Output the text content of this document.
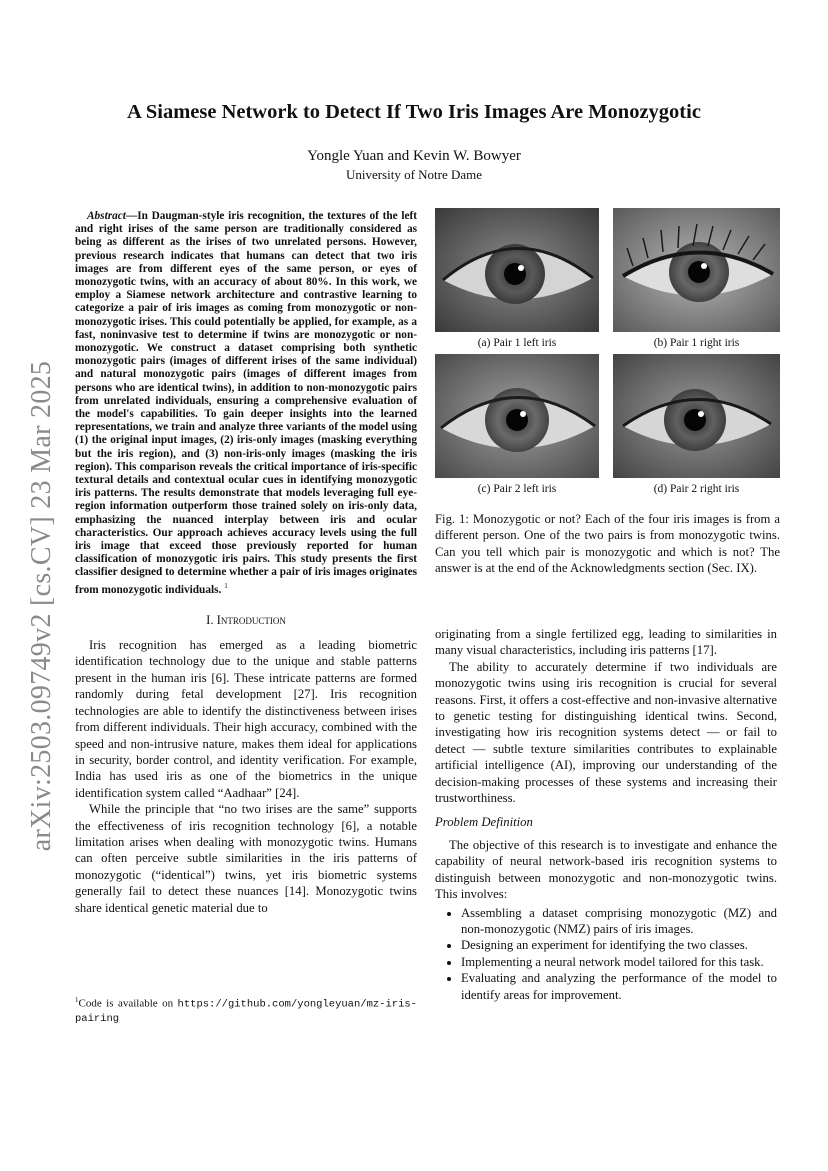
arXiv:2503.09749v2 [cs.CV] 23 Mar 2025
A Siamese Network to Detect If Two Iris Images Are Monozygotic
Yongle Yuan and Kevin W. Bowyer
University of Notre Dame

Abstract—In Daugman-style iris recognition, the textures of the left and right irises of the same person are traditionally considered as being as different as the irises of two unrelated persons. However, previous research indicates that humans can detect that two iris images are from different eyes of the same person, or eyes of monozygotic twins, with an accuracy of about 80%. In this work, we employ a Siamese network architecture and contrastive learning to categorize a pair of iris images as coming from monozygotic or non-monozygotic irises. This could potentially be applied, for example, as a fast, noninvasive test to determine if twins are monozygotic or non-monozygotic. We construct a dataset comprising both synthetic monozygotic pairs (images of different irises of the same individual) and natural monozygotic pairs (images of different images from persons who are identical twins), in addition to non-monozygotic pairs from unrelated individuals, ensuring a comprehensive evaluation of the model's capabilities. To gain deeper insights into the learned representations, we train and analyze three variants of the model using (1) the original input images, (2) iris-only images (masking everything but the iris region), and (3) non-iris-only images (masking the iris region). This comparison reveals the critical importance of iris-specific textural details and contextual ocular cues in identifying monozygotic iris patterns. The results demonstrate that models leveraging full eye-region information outperform those trained solely on iris-only data, emphasizing the nuanced interplay between iris and ocular characteristics. Our approach achieves accuracy levels using the full iris image that exceed those previously reported for human classification of monozygotic iris pairs. This study presents the first classifier designed to determine whether a pair of iris images originates from monozygotic individuals. $^1$

I. Introduction

Iris recognition has emerged as a leading biometric identification technology due to the unique and stable patterns present in the human iris [6]. These intricate patterns are formed randomly during fetal development [27]. Iris recognition technologies are able to identify the distinctiveness between irises from different individuals. Their high accuracy, combined with the speed and non-intrusive nature, makes them ideal for applications in security, border control, and identity verification. For example, India has used iris as one of the biometrics in the unique identification system called “Aadhaar” [24].

While the principle that “no two irises are the same” supports the effectiveness of iris recognition technology [6], a notable limitation arises when dealing with monozygotic twins. Humans can often perceive subtle similarities in the iris patterns of monozygotic (“identical”) twins, yet iris biometric systems generally fail to detect these nuances [14]. Monozygotic twins share identical genetic material due to

$^1$Code is available on https://github.com/yongleyuan/mz-iris-pairing
(a) Pair 1 left iris	(b) Pair 1 right iris
(c) Pair 2 left iris	(d) Pair 2 right iris
Fig. 1: Monozygotic or not? Each of the four iris images is from a different person. One of the two pairs is from monozygotic twins. Can you tell which pair is monozygotic and which is not? The answer is at the end of the Acknowledgments section (Sec. IX).

originating from a single fertilized egg, leading to similarities in many visual characteristics, including iris patterns [17].

The ability to accurately determine if two individuals are monozygotic twins using iris recognition is crucial for several reasons. First, it offers a cost-effective and non-invasive alternative to genetic testing for distinguishing identical twins. Second, investigating how iris recognition systems detect — or fail to detect — subtle texture similarities contributes to explainable artificial intelligence (AI), improving our understanding of the decision-making processes of these systems and increasing their trustworthiness.

Problem Definition

The objective of this research is to investigate and enhance the capability of neural network-based iris recognition systems to distinguish between monozygotic and non-monozygotic twins. This involves:

• Assembling a dataset comprising monozygotic (MZ) and non-monozygotic (NMZ) pairs of iris images.
• Designing an experiment for identifying the two classes.
• Implementing a neural network model tailored for this task.
• Evaluating and analyzing the performance of the model to identify areas for improvement.
